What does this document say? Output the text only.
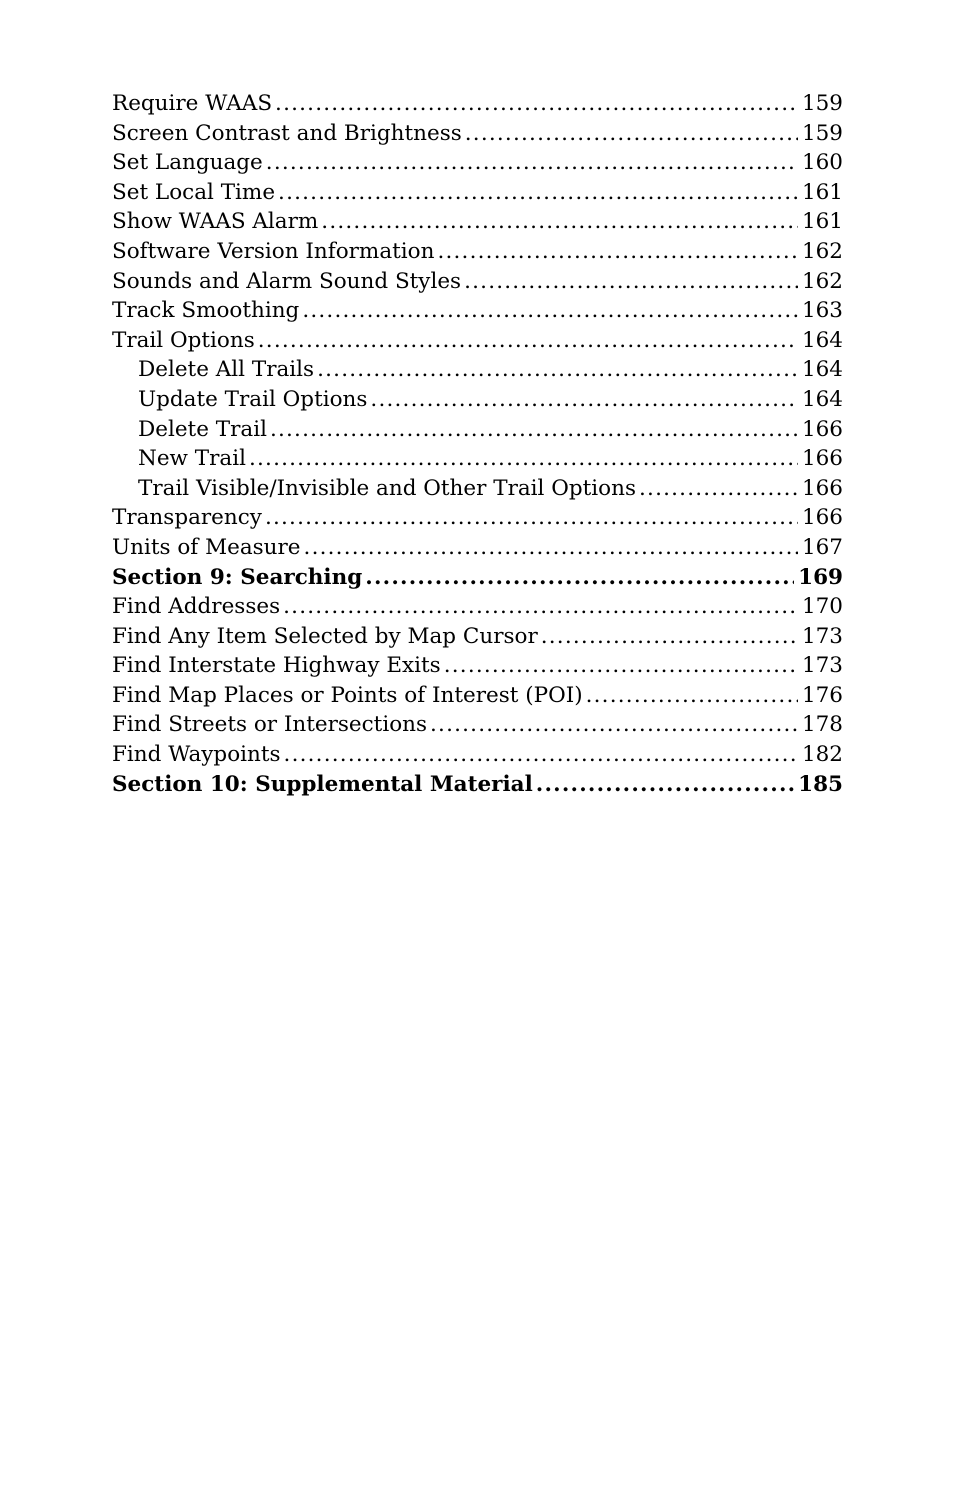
Require WAAS .....	159
Screen Contrast and Brightness .....	159
Set Language .....	160
Set Local Time .....	161
Show WAAS Alarm .....	161
Software Version Information .....	162
Sounds and Alarm Sound Styles .....	162
Track Smoothing .....	163
Trail Options .....	164
Delete All Trails .....	164
Update Trail Options .....	164
Delete Trail .....	166
New Trail .....	166
Trail Visible/Invisible and Other Trail Options .....	166
Transparency .....	166
Units of Measure .....	167
Section 9: Searching .....	169
Find Addresses .....	170
Find Any Item Selected by Map Cursor .....	173
Find Interstate Highway Exits .....	173
Find Map Places or Points of Interest (POI) .....	176
Find Streets or Intersections .....	178
Find Waypoints .....	182
Section 10: Supplemental Material .....	185
